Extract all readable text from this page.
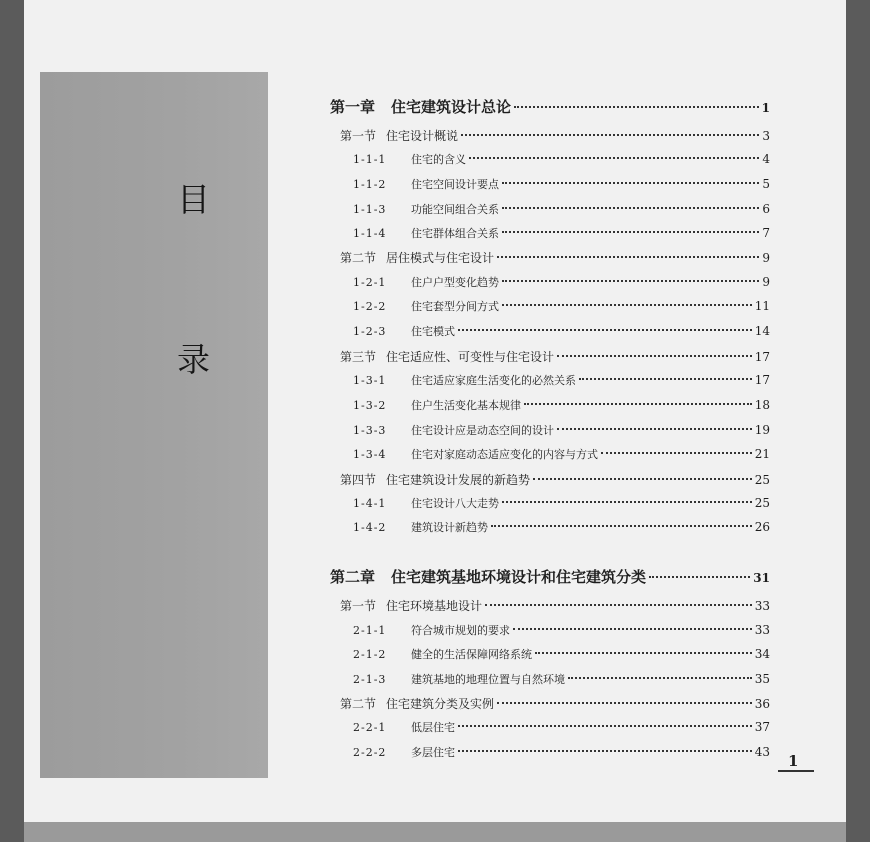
目
录
第一章 住宅建筑设计总论	1
第一节 住宅设计概说	3
1-1-1	住宅的含义	4
1-1-2	住宅空间设计要点	5
1-1-3	功能空间组合关系	6
1-1-4	住宅群体组合关系	7
第二节 居住模式与住宅设计	9
1-2-1	住户户型变化趋势	9
1-2-2	住宅套型分间方式	11
1-2-3	住宅模式	14
第三节 住宅适应性、可变性与住宅设计	17
1-3-1	住宅适应家庭生活变化的必然关系	17
1-3-2	住户生活变化基本规律	18
1-3-3	住宅设计应是动态空间的设计	19
1-3-4	住宅对家庭动态适应变化的内容与方式	21
第四节 住宅建筑设计发展的新趋势	25
1-4-1	住宅设计八大走势	25
1-4-2	建筑设计新趋势	26
第二章 住宅建筑基地环境设计和住宅建筑分类	31
第一节 住宅环境基地设计	33
2-1-1	符合城市规划的要求	33
2-1-2	健全的生活保障网络系统	34
2-1-3	建筑基地的地理位置与自然环境	35
第二节 住宅建筑分类及实例	36
2-2-1	低层住宅	37
2-2-2	多层住宅	43 1
